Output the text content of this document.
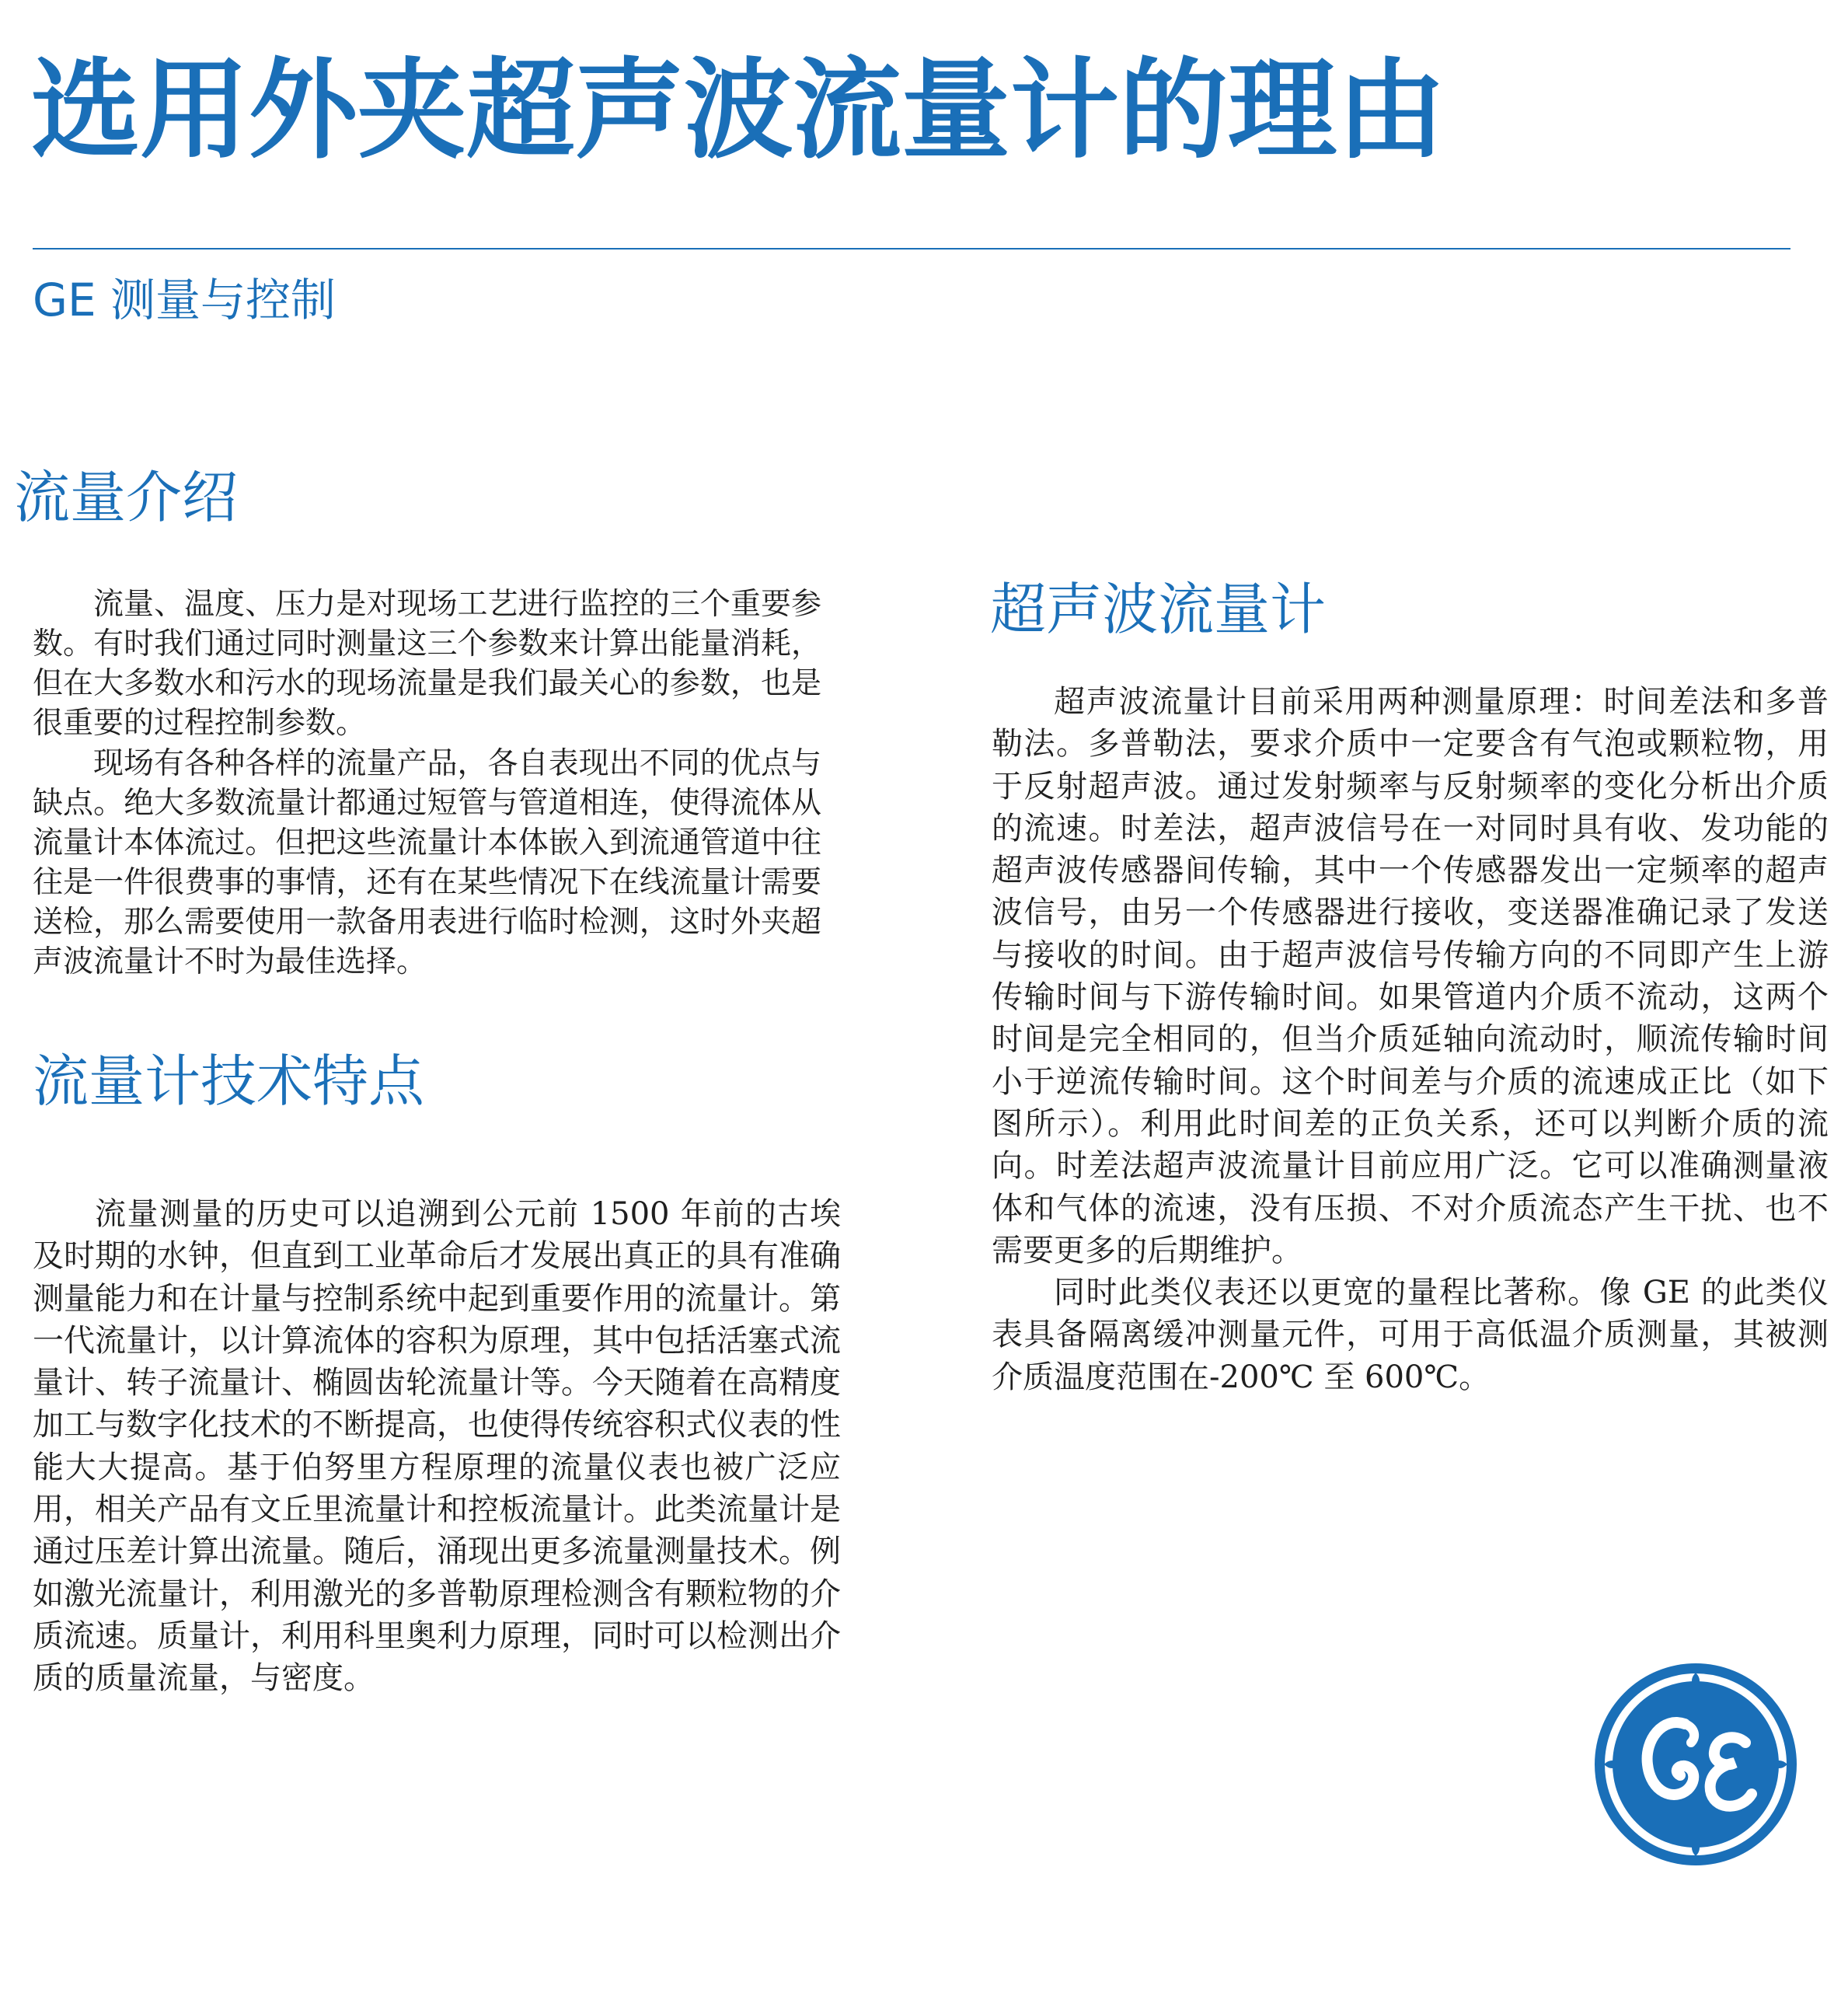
选用外夹超声波流量计的理由
GE 测量与控制
流量介绍

流量、温度、压力是对现场工艺进行监控的三个重要参数。有时我们通过同时测量这三个参数来计算出能量消耗，但在大多数水和污水的现场流量是我们最关心的参数，也是很重要的过程控制参数。

现场有各种各样的流量产品，各自表现出不同的优点与缺点。绝大多数流量计都通过短管与管道相连，使得流体从流量计本体流过。但把这些流量计本体嵌入到流通管道中往往是一件很费事的事情，还有在某些情况下在线流量计需要送检，那么需要使用一款备用表进行临时检测，这时外夹超声波流量计不时为最佳选择。

流量计技术特点

流量测量的历史可以追溯到公元前 1500 年前的古埃及时期的水钟，但直到工业革命后才发展出真正的具有准确测量能力和在计量与控制系统中起到重要作用的流量计。第一代流量计，以计算流体的容积为原理，其中包括活塞式流量计、转子流量计、椭圆齿轮流量计等。今天随着在高精度加工与数字化技术的不断提高，也使得传统容积式仪表的性能大大提高。基于伯努里方程原理的流量仪表也被广泛应用，相关产品有文丘里流量计和控板流量计。此类流量计是通过压差计算出流量。随后，涌现出更多流量测量技术。例如激光流量计，利用激光的多普勒原理检测含有颗粒物的介质流速。质量计，利用科里奥利力原理，同时可以检测出介质的质量流量，与密度。

超声波流量计

超声波流量计目前采用两种测量原理：时间差法和多普勒法。多普勒法，要求介质中一定要含有气泡或颗粒物，用于反射超声波。通过发射频率与反射频率的变化分析出介质的流速。时差法，超声波信号在一对同时具有收、发功能的超声波传感器间传输，其中一个传感器发出一定频率的超声波信号，由另一个传感器进行接收，变送器准确记录了发送与接收的时间。由于超声波信号传输方向的不同即产生上游传输时间与下游传输时间。如果管道内介质不流动，这两个时间是完全相同的，但当介质延轴向流动时，顺流传输时间小于逆流传输时间。这个时间差与介质的流速成正比（如下图所示）。利用此时间差的正负关系，还可以判断介质的流向。时差法超声波流量计目前应用广泛。它可以准确测量液体和气体的流速，没有压损、不对介质流态产生干扰、也不需要更多的后期维护。

同时此类仪表还以更宽的量程比著称。像 GE 的此类仪表具备隔离缓冲测量元件，可用于高低温介质测量，其被测介质温度范围在-200℃ 至 600℃。
